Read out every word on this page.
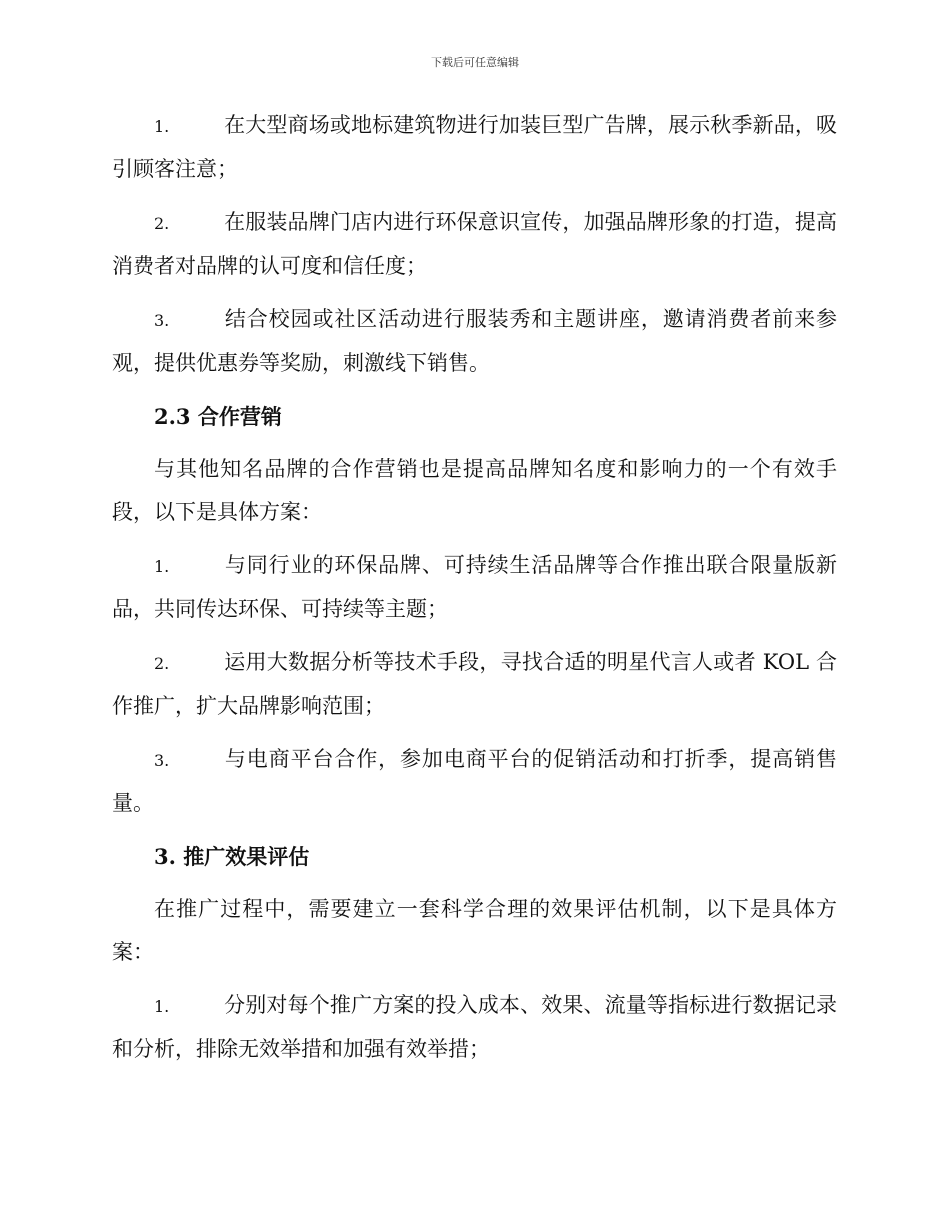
下载后可任意编辑

1.	在大型商场或地标建筑物进行加装巨型广告牌，展示秋季新品，吸引顾客注意；

2.	在服装品牌门店内进行环保意识宣传，加强品牌形象的打造，提高消费者对品牌的认可度和信任度；

3.	结合校园或社区活动进行服装秀和主题讲座，邀请消费者前来参观，提供优惠券等奖励，刺激线下销售。

2.3 合作营销

与其他知名品牌的合作营销也是提高品牌知名度和影响力的一个有效手段，以下是具体方案：

1.	与同行业的环保品牌、可持续生活品牌等合作推出联合限量版新品，共同传达环保、可持续等主题；

2.	运用大数据分析等技术手段，寻找合适的明星代言人或者 KOL 合作推广，扩大品牌影响范围；

3.	与电商平台合作，参加电商平台的促销活动和打折季，提高销售量。

3. 推广效果评估

在推广过程中，需要建立一套科学合理的效果评估机制，以下是具体方案：

1.	分别对每个推广方案的投入成本、效果、流量等指标进行数据记录和分析，排除无效举措和加强有效举措；
